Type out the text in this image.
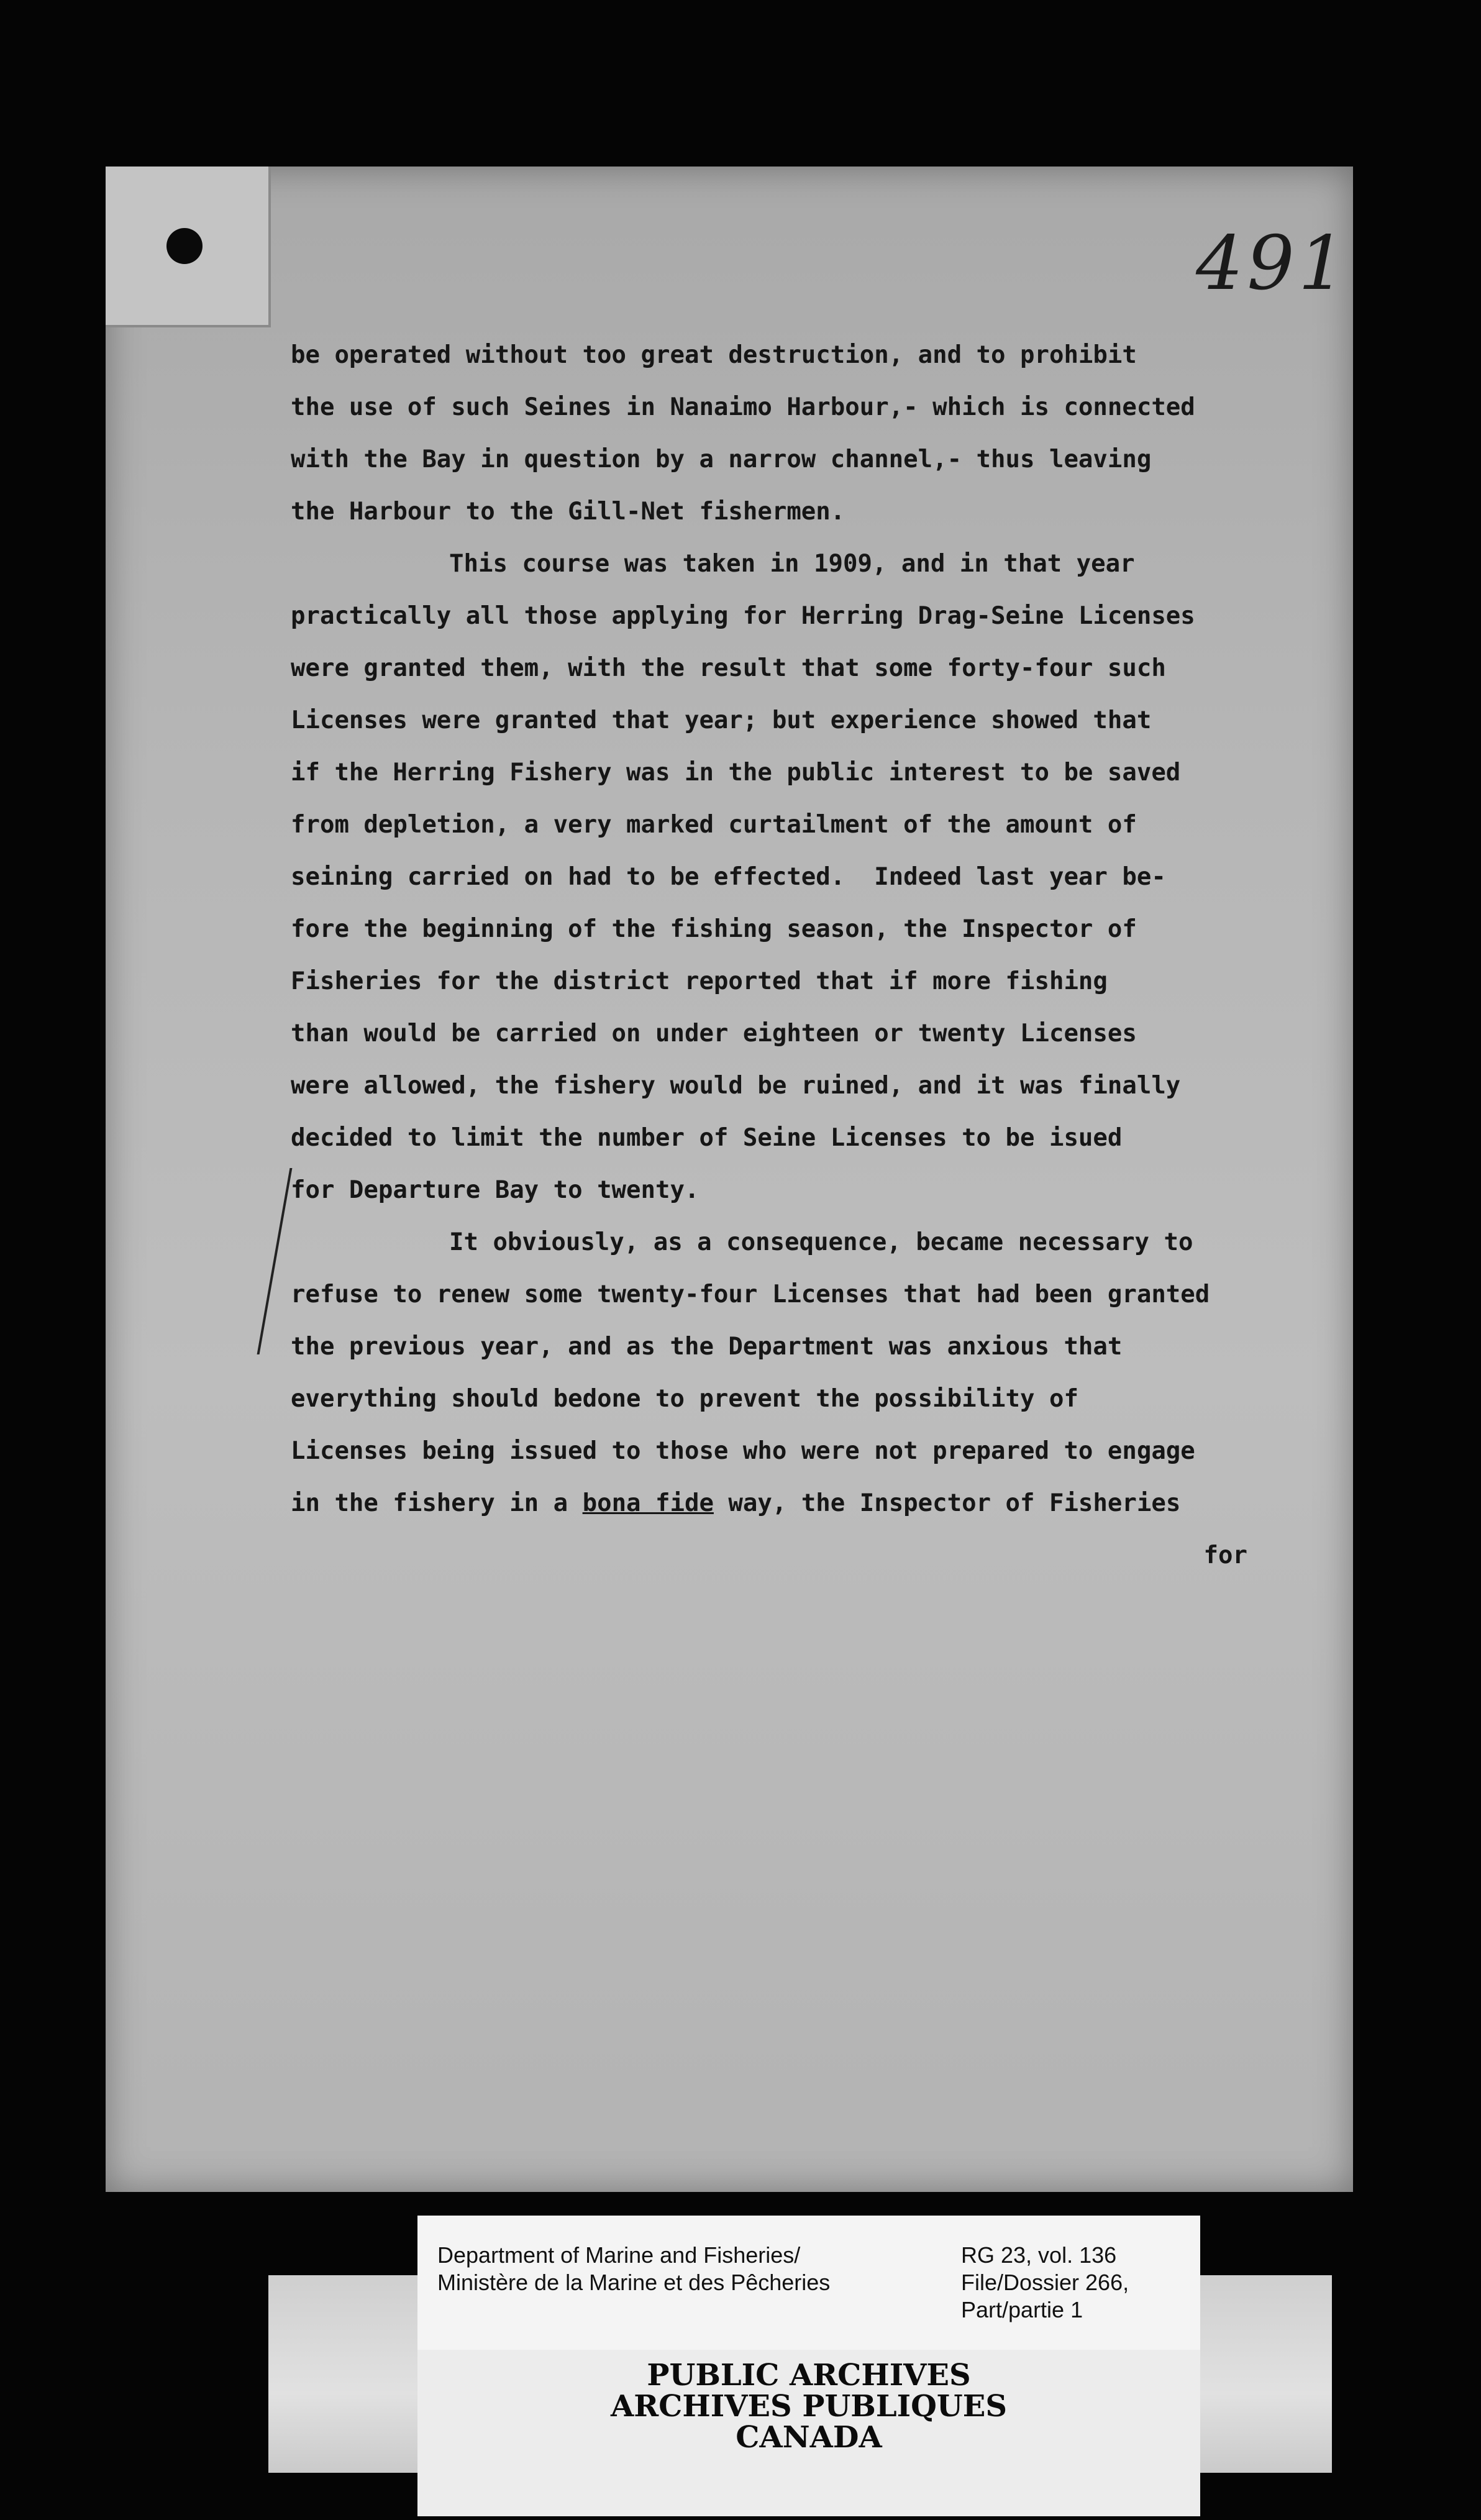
491
be operated without too great destruction, and to prohibit
the use of such Seines in Nanaimo Harbour,- which is connected
with the Bay in question by a narrow channel,- thus leaving
the Harbour to the Gill-Net fishermen.
This course was taken in 1909, and in that year
practically all those applying for Herring Drag-Seine Licenses
were granted them, with the result that some forty-four such
Licenses were granted that year; but experience showed that
if the Herring Fishery was in the public interest to be saved
from depletion, a very marked curtailment of the amount of
seining carried on had to be effected.  Indeed last year be-
fore the beginning of the fishing season, the Inspector of
Fisheries for the district reported that if more fishing
than would be carried on under eighteen or twenty Licenses
were allowed, the fishery would be ruined, and it was finally
decided to limit the number of Seine Licenses to be isued
for Departure Bay to twenty.
It obviously, as a consequence, became necessary to
refuse to renew some twenty-four Licenses that had been granted
the previous year, and as the Department was anxious that
everything should bedone to prevent the possibility of
Licenses being issued to those who were not prepared to engage
in the fishery in a bona fide way, the Inspector of Fisheries
for
Department of Marine and Fisheries/
Ministère de la Marine et des Pêcheries
RG 23, vol. 136
File/Dossier 266,
Part/partie 1
PUBLIC ARCHIVES
ARCHIVES PUBLIQUES
CANADA
